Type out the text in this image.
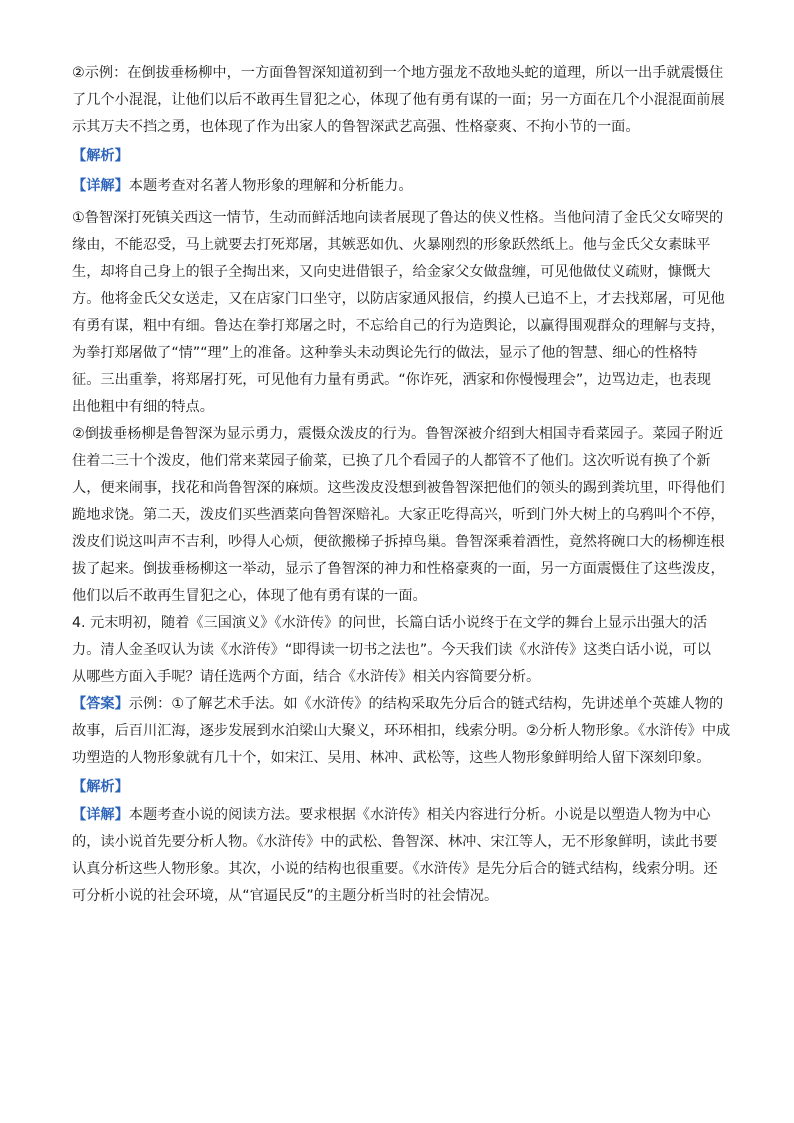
②示例：在倒拔垂杨柳中，一方面鲁智深知道初到一个地方强龙不敌地头蛇的道理，所以一出手就震慑住
了几个小混混，让他们以后不敢再生冒犯之心，体现了他有勇有谋的一面；另一方面在几个小混混面前展
示其万夫不挡之勇，也体现了作为出家人的鲁智深武艺高强、性格豪爽、不拘小节的一面。
【解析】
【详解】本题考查对名著人物形象的理解和分析能力。
①鲁智深打死镇关西这一情节，生动而鲜活地向读者展现了鲁达的侠义性格。当他问清了金氏父女啼哭的
缘由，不能忍受，马上就要去打死郑屠，其嫉恶如仇、火暴刚烈的形象跃然纸上。他与金氏父女素昧平
生，却将自己身上的银子全掏出来，又向史进借银子，给金家父女做盘缠，可见他做仗义疏财，慷慨大
方。他将金氏父女送走，又在店家门口坐守，以防店家通风报信，约摸人已追不上，才去找郑屠，可见他
有勇有谋，粗中有细。鲁达在拳打郑屠之时，不忘给自己的行为造舆论，以赢得围观群众的理解与支持，
为拳打郑屠做了“情”“理”上的准备。这种拳头未动舆论先行的做法，显示了他的智慧、细心的性格特
征。三出重拳，将郑屠打死，可见他有力量有勇武。“你诈死，洒家和你慢慢理会”，边骂边走，也表现
出他粗中有细的特点。
②倒拔垂杨柳是鲁智深为显示勇力，震慑众泼皮的行为。鲁智深被介绍到大相国寺看菜园子。菜园子附近
住着二三十个泼皮，他们常来菜园子偷菜，已换了几个看园子的人都管不了他们。这次听说有换了个新
人，便来闹事，找花和尚鲁智深的麻烦。这些泼皮没想到被鲁智深把他们的领头的踢到粪坑里，吓得他们
跪地求饶。第二天，泼皮们买些酒菜向鲁智深赔礼。大家正吃得高兴，听到门外大树上的乌鸦叫个不停，
泼皮们说这叫声不吉利，吵得人心烦，便欲搬梯子拆掉鸟巢。鲁智深乘着酒性，竟然将碗口大的杨柳连根
拔了起来。倒拔垂杨柳这一举动，显示了鲁智深的神力和性格豪爽的一面，另一方面震慑住了这些泼皮，
他们以后不敢再生冒犯之心，体现了他有勇有谋的一面。
4. 元末明初，随着《三国演义》《水浒传》的问世，长篇白话小说终于在文学的舞台上显示出强大的活
力。清人金圣叹认为读《水浒传》“即得读一切书之法也”。今天我们读《水浒传》这类白话小说，可以
从哪些方面入手呢？请任选两个方面，结合《水浒传》相关内容简要分析。
【答案】示例：①了解艺术手法。如《水浒传》的结构采取先分后合的链式结构，先讲述单个英雄人物的
故事，后百川汇海，逐步发展到水泊梁山大聚义，环环相扣，线索分明。②分析人物形象。《水浒传》中成
功塑造的人物形象就有几十个，如宋江、吴用、林冲、武松等，这些人物形象鲜明给人留下深刻印象。
【解析】
【详解】本题考查小说的阅读方法。要求根据《水浒传》相关内容进行分析。小说是以塑造人物为中心
的，读小说首先要分析人物。《水浒传》中的武松、鲁智深、林冲、宋江等人，无不形象鲜明，读此书要
认真分析这些人物形象。其次，小说的结构也很重要。《水浒传》是先分后合的链式结构，线索分明。还
可分析小说的社会环境，从“官逼民反”的主题分析当时的社会情况。
